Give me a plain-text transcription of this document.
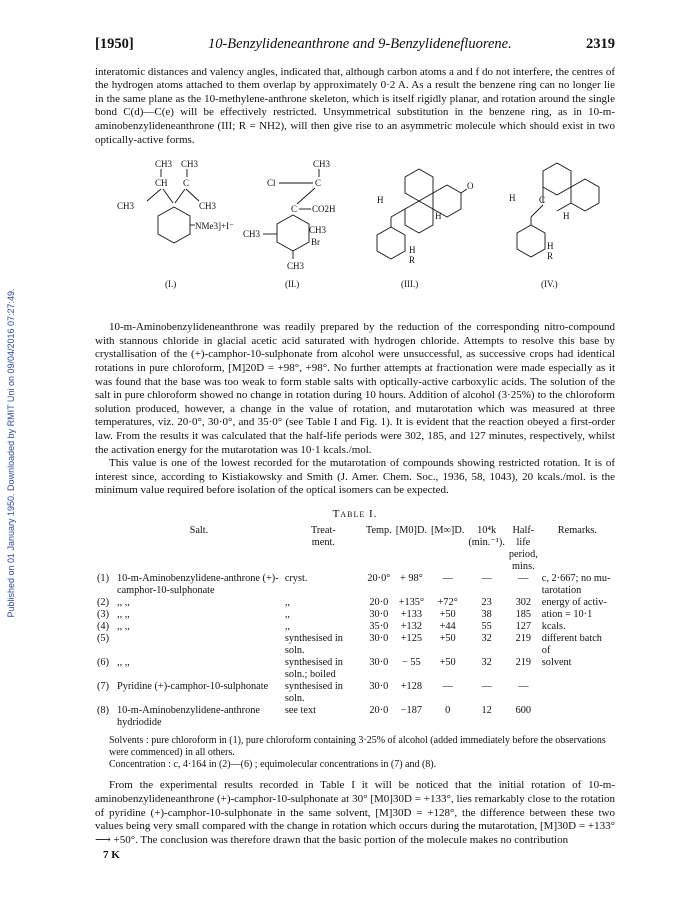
Published on 01 January 1950. Downloaded by RMIT Uni on 09/04/2016 07:27:49.
[1950]	10-Benzylideneanthrone and 9-Benzylidenefluorene.	2319

interatomic distances and valency angles, indicated that, although carbon atoms a and f do not interfere, the centres of the hydrogen atoms attached to them overlap by approximately 0·2 A. As a result the benzene ring can no longer lie in the same plane as the 10-methylene-anthrone skeleton, which is itself rigidly planar, and rotation around the single bond C(d)—C(e) will be effectively restricted. Unsymmetrical substitution in the benzene ring, as in 10-m-aminobenzylideneanthrone (III; R = NH2), will then give rise to an asymmetric molecule which should exist in two optically-active forms.

CH3 CH3
CH C
CH3	CH3
NMe3]+I⁻
(I.)
CH3
Cl	C
C CO2H
CH3	CH3
Br
CH3
(II.)
O
H
H
H
R
(III.)
C
H
H
H
R
(IV.)

10-m-Aminobenzylideneanthrone was readily prepared by the reduction of the corresponding nitro-compound with stannous chloride in glacial acetic acid saturated with hydrogen chloride. Attempts to resolve this base by crystallisation of the (+)-camphor-10-sulphonate from alcohol were unsuccessful, as successive crops had identical rotations in pure chloroform, [M]20D = +98°, +98°. No further attempts at fractionation were made especially as it was found that the base was too weak to form stable salts with optically-active carboxylic acids. The solution of the salt in pure chloroform showed no change in rotation during 10 hours. Addition of alcohol (3·25%) to the chloroform solution produced, however, a change in the value of rotation, and mutarotation which was measured at three temperatures, viz. 20·0°, 30·0°, and 35·0° (see Table I and Fig. 1). It is evident that the reaction obeyed a first-order law. From the results it was calculated that the half-life periods were 302, 185, and 127 minutes, respectively, whilst the activation energy for the mutarotation was 10·1 kcals./mol.

This value is one of the lowest recorded for the mutarotation of compounds showing restricted rotation. It is of interest since, according to Kistiakowsky and Smith (J. Amer. Chem. Soc., 1936, 58, 1043), 20 kcals./mol. is the minimum value required before isolation of the optical isomers can be expected.

Table I.
	Salt.	Treat-
ment.	Temp.	[M0]D.	[M∞]D.	10⁴k
(min.⁻¹).	Half-
life
period,
mins.	Remarks.
(1)	10-m-Aminobenzylidene-anthrone (+)-camphor-10-sulphonate	cryst.	20·0°	+ 98°	—	—	—	c, 2·667; no mu-tarotation
(2)	,, ,,	,,	20·0	+135°	+72°	23	302	energy of activ-
(3)	,, ,,	,,	30·0	+133	+50	38	185	ation = 10·1
(4)	,, ,,	,,	35·0	+132	+44	55	127	kcals.
(5)		synthesised in soln.	30·0	+125	+50	32	219	different batch of
(6)	,, ,,	synthesised in soln.; boiled	30·0	− 55	+50	32	219	solvent
(7)	Pyridine (+)-camphor-10-sulphonate	synthesised in soln.	30·0	+128	—	—	—	
(8)	10-m-Aminobenzylidene-anthrone hydriodide	see text	20·0	−187	0	12	600	
Solvents : pure chloroform in (1), pure chloroform containing 3·25% of alcohol (added immediately before the observations were commenced) in all others.
Concentration : c, 4·164 in (2)—(6) ; equimolecular concentrations in (7) and (8).

From the experimental results recorded in Table I it will be noticed that the initial rotation of 10-m-aminobenzylideneanthrone (+)-camphor-10-sulphonate at 30° [M0]30D = +133°, lies remarkably close to the rotation of pyridine (+)-camphor-10-sulphonate in the same solvent, [M]30D = +128°, the difference between these two values being very small compared with the change in rotation which occurs during the mutarotation, [M]30D = +133° ⟶ +50°. The conclusion was therefore drawn that the basic portion of the molecule makes no contribution

7 K
